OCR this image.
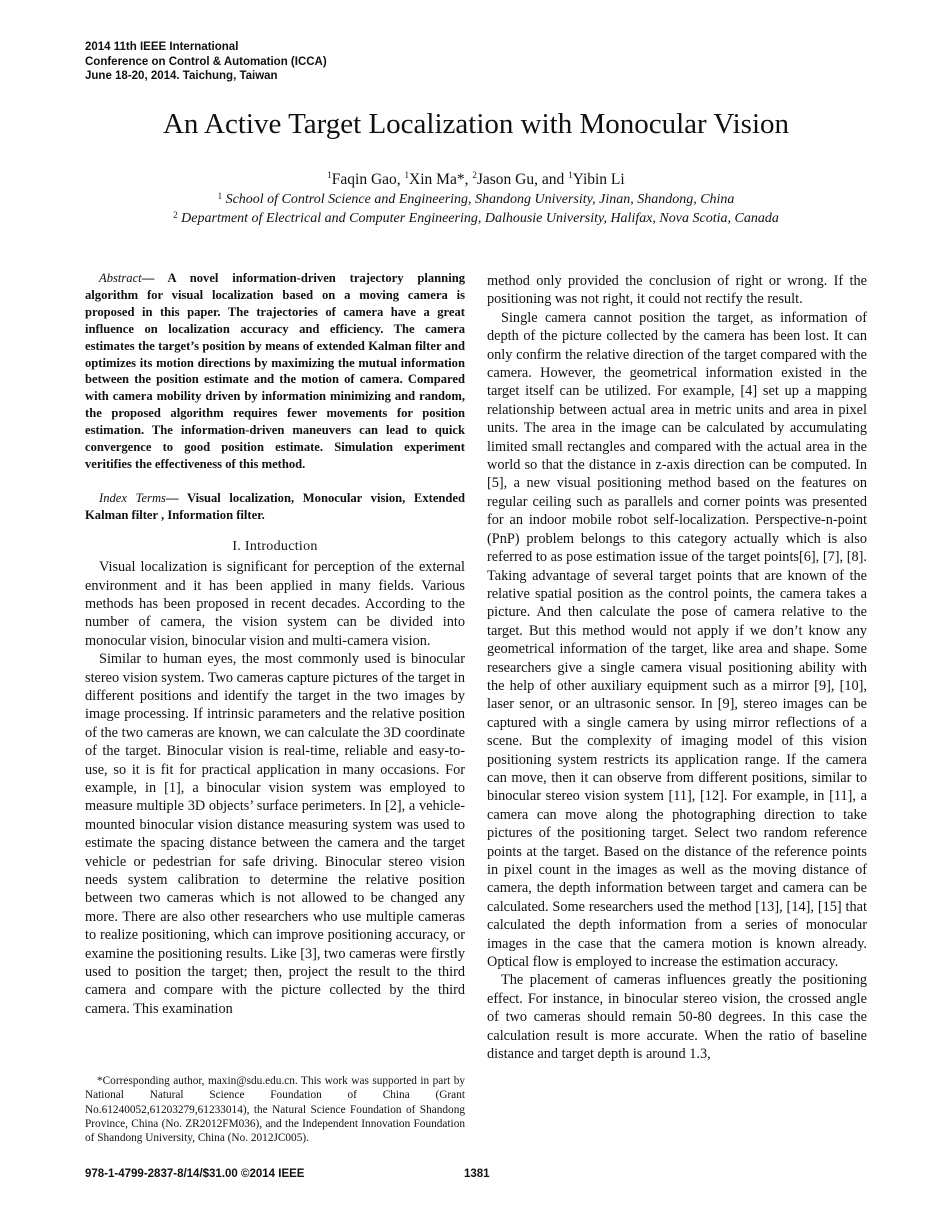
2014 11th IEEE International
Conference on Control & Automation (ICCA)
June 18-20, 2014. Taichung, Taiwan
An Active Target Localization with Monocular Vision
$^1$Faqin Gao, $^1$Xin Ma*, $^2$Jason Gu, and $^1$Yibin Li
$^1$ School of Control Science and Engineering, Shandong University, Jinan, Shandong, China
$^2$ Department of Electrical and Computer Engineering, Dalhousie University, Halifax, Nova Scotia, Canada

Abstract— A novel information-driven trajectory planning algorithm for visual localization based on a moving camera is proposed in this paper. The trajectories of camera have a great influence on localization accuracy and efficiency. The camera estimates the target’s position by means of extended Kalman filter and optimizes its motion directions by maximizing the mutual information between the position estimate and the motion of camera. Compared with camera mobility driven by information minimizing and random, the proposed algorithm requires fewer movements for position estimation. The information-driven maneuvers can lead to quick convergence to good position estimate. Simulation experiment veritifies the effectiveness of this method.

Index Terms— Visual localization, Monocular vision, Extended Kalman filter , Information filter.

I. Introduction

Visual localization is significant for perception of the external environment and it has been applied in many fields. Various methods has been proposed in recent decades. According to the number of camera, the vision system can be divided into monocular vision, binocular vision and multi-camera vision.

Similar to human eyes, the most commonly used is binocular stereo vision system. Two cameras capture pictures of the target in different positions and identify the target in the two images by image processing. If intrinsic parameters and the relative position of the two cameras are known, we can calculate the 3D coordinate of the target. Binocular vision is real-time, reliable and easy-to-use, so it is fit for practical application in many occasions. For example, in [1], a binocular vision system was employed to measure multiple 3D objects’ surface perimeters. In [2], a vehicle-mounted binocular vision distance measuring system was used to estimate the spacing distance between the camera and the target vehicle or pedestrian for safe driving. Binocular stereo vision needs system calibration to determine the relative position between two cameras which is not allowed to be changed any more. There are also other researchers who use multiple cameras to realize positioning, which can improve positioning accuracy, or examine the positioning results. Like [3], two cameras were firstly used to position the target; then, project the result to the third camera and compare with the picture collected by the third camera. This examination

method only provided the conclusion of right or wrong. If the positioning was not right, it could not rectify the result.

Single camera cannot position the target, as information of depth of the picture collected by the camera has been lost. It can only confirm the relative direction of the target compared with the camera. However, the geometrical information existed in the target itself can be utilized. For example, [4] set up a mapping relationship between actual area in metric units and area in pixel units. The area in the image can be calculated by accumulating limited small rectangles and compared with the actual area in the world so that the distance in z-axis direction can be computed. In [5], a new visual positioning method based on the features on regular ceiling such as parallels and corner points was presented for an indoor mobile robot self-localization. Perspective-n-point (PnP) problem belongs to this category actually which is also referred to as pose estimation issue of the target points[6], [7], [8]. Taking advantage of several target points that are known of the relative spatial position as the control points, the camera takes a picture. And then calculate the pose of camera relative to the target. But this method would not apply if we don’t know any geometrical information of the target, like area and shape. Some researchers give a single camera visual positioning ability with the help of other auxiliary equipment such as a mirror [9], [10], laser senor, or an ultrasonic sensor. In [9], stereo images can be captured with a single camera by using mirror reflections of a scene. But the complexity of imaging model of this vision positioning system restricts its application range. If the camera can move, then it can observe from different positions, similar to binocular stereo vision system [11], [12]. For example, in [11], a camera can move along the photographing direction to take pictures of the positioning target. Select two random reference points at the target. Based on the distance of the reference points in pixel count in the images as well as the moving distance of camera, the depth information between target and camera can be calculated. Some researchers used the method [13], [14], [15] that calculated the depth information from a series of monocular images in the case that the camera motion is known already. Optical flow is employed to increase the estimation accuracy.

The placement of cameras influences greatly the positioning effect. For instance, in binocular stereo vision, the crossed angle of two cameras should remain 50-80 degrees. In this case the calculation result is more accurate. When the ratio of baseline distance and target depth is around 1.3,

*Corresponding author, maxin@sdu.edu.cn. This work was supported in part by National Natural Science Foundation of China (Grant No.61240052,61203279,61233014), the Natural Science Foundation of Shandong Province, China (No. ZR2012FM036), and the Independent Innovation Foundation of Shandong University, China (No. 2012JC005).
978-1-4799-2837-8/14/$31.00 ©2014 IEEE	1381
